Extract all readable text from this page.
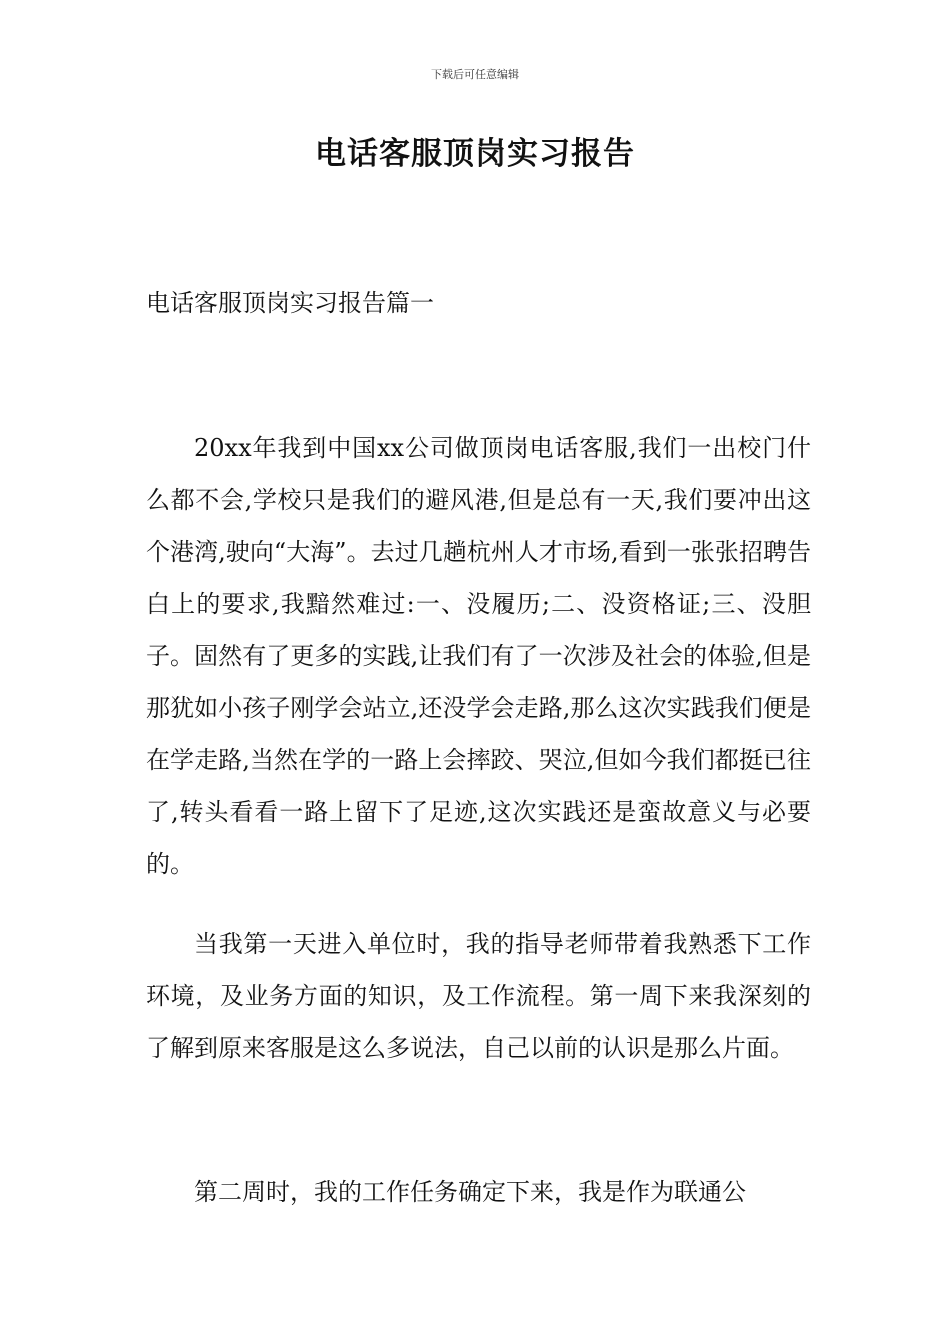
下载后可任意编辑
电话客服顶岗实习报告
电话客服顶岗实习报告篇一

20xx年我到中国xx公司做顶岗电话客服,我们一出校门什么都不会,学校只是我们的避风港,但是总有一天,我们要冲出这个港湾,驶向“大海”。去过几趟杭州人才市场,看到一张张招聘告白上的要求,我黯然难过:一、没履历;二、没资格证;三、没胆子。固然有了更多的实践,让我们有了一次涉及社会的体验,但是那犹如小孩子刚学会站立,还没学会走路,那么这次实践我们便是在学走路,当然在学的一路上会摔跤、哭泣,但如今我们都挺已往了,转头看看一路上留下了足迹,这次实践还是蛮故意义与必要的。

当我第一天进入单位时，我的指导老师带着我熟悉下工作环境，及业务方面的知识，及工作流程。第一周下来我深刻的了解到原来客服是这么多说法，自己以前的认识是那么片面。

第二周时，我的工作任务确定下来，我是作为联通公
